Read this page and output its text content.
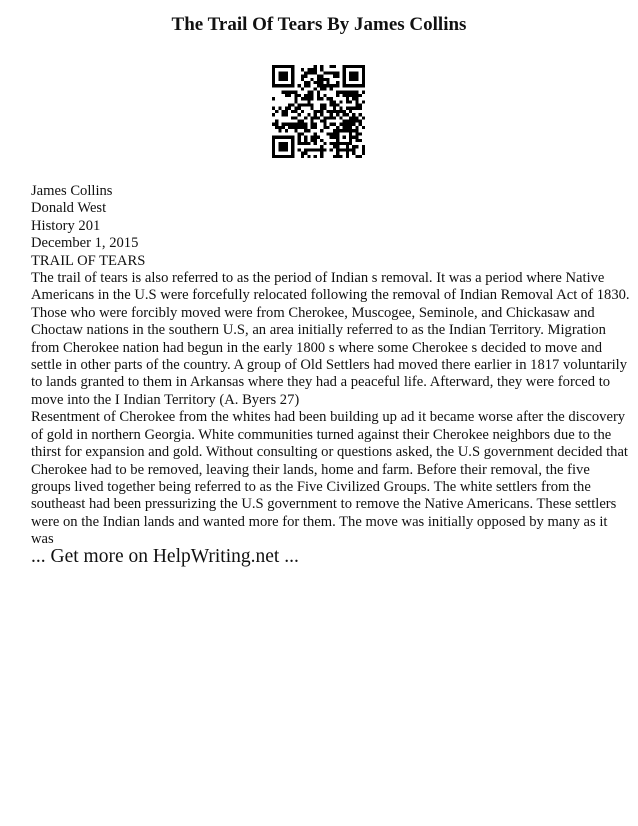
The Trail Of Tears By James Collins
James Collins
Donald West
History 201
December 1, 2015
TRAIL OF TEARS
The trail of tears is also referred to as the period of Indian s removal. It was a period where Native
Americans in the U.S were forcefully relocated following the removal of Indian Removal Act of 1830.
Those who were forcibly moved were from Cherokee, Muscogee, Seminole, and Chickasaw and
Choctaw nations in the southern U.S, an area initially referred to as the Indian Territory. Migration
from Cherokee nation had begun in the early 1800 s where some Cherokee s decided to move and
settle in other parts of the country. A group of Old Settlers had moved there earlier in 1817 voluntarily
to lands granted to them in Arkansas where they had a peaceful life. Afterward, they were forced to
move into the I Indian Territory (A. Byers 27)
Resentment of Cherokee from the whites had been building up ad it became worse after the discovery
of gold in northern Georgia. White communities turned against their Cherokee neighbors due to the
thirst for expansion and gold. Without consulting or questions asked, the U.S government decided that
Cherokee had to be removed, leaving their lands, home and farm. Before their removal, the five
groups lived together being referred to as the Five Civilized Groups. The white settlers from the
southeast had been pressurizing the U.S government to remove the Native Americans. These settlers
were on the Indian lands and wanted more for them. The move was initially opposed by many as it
was
... Get more on HelpWriting.net ...
